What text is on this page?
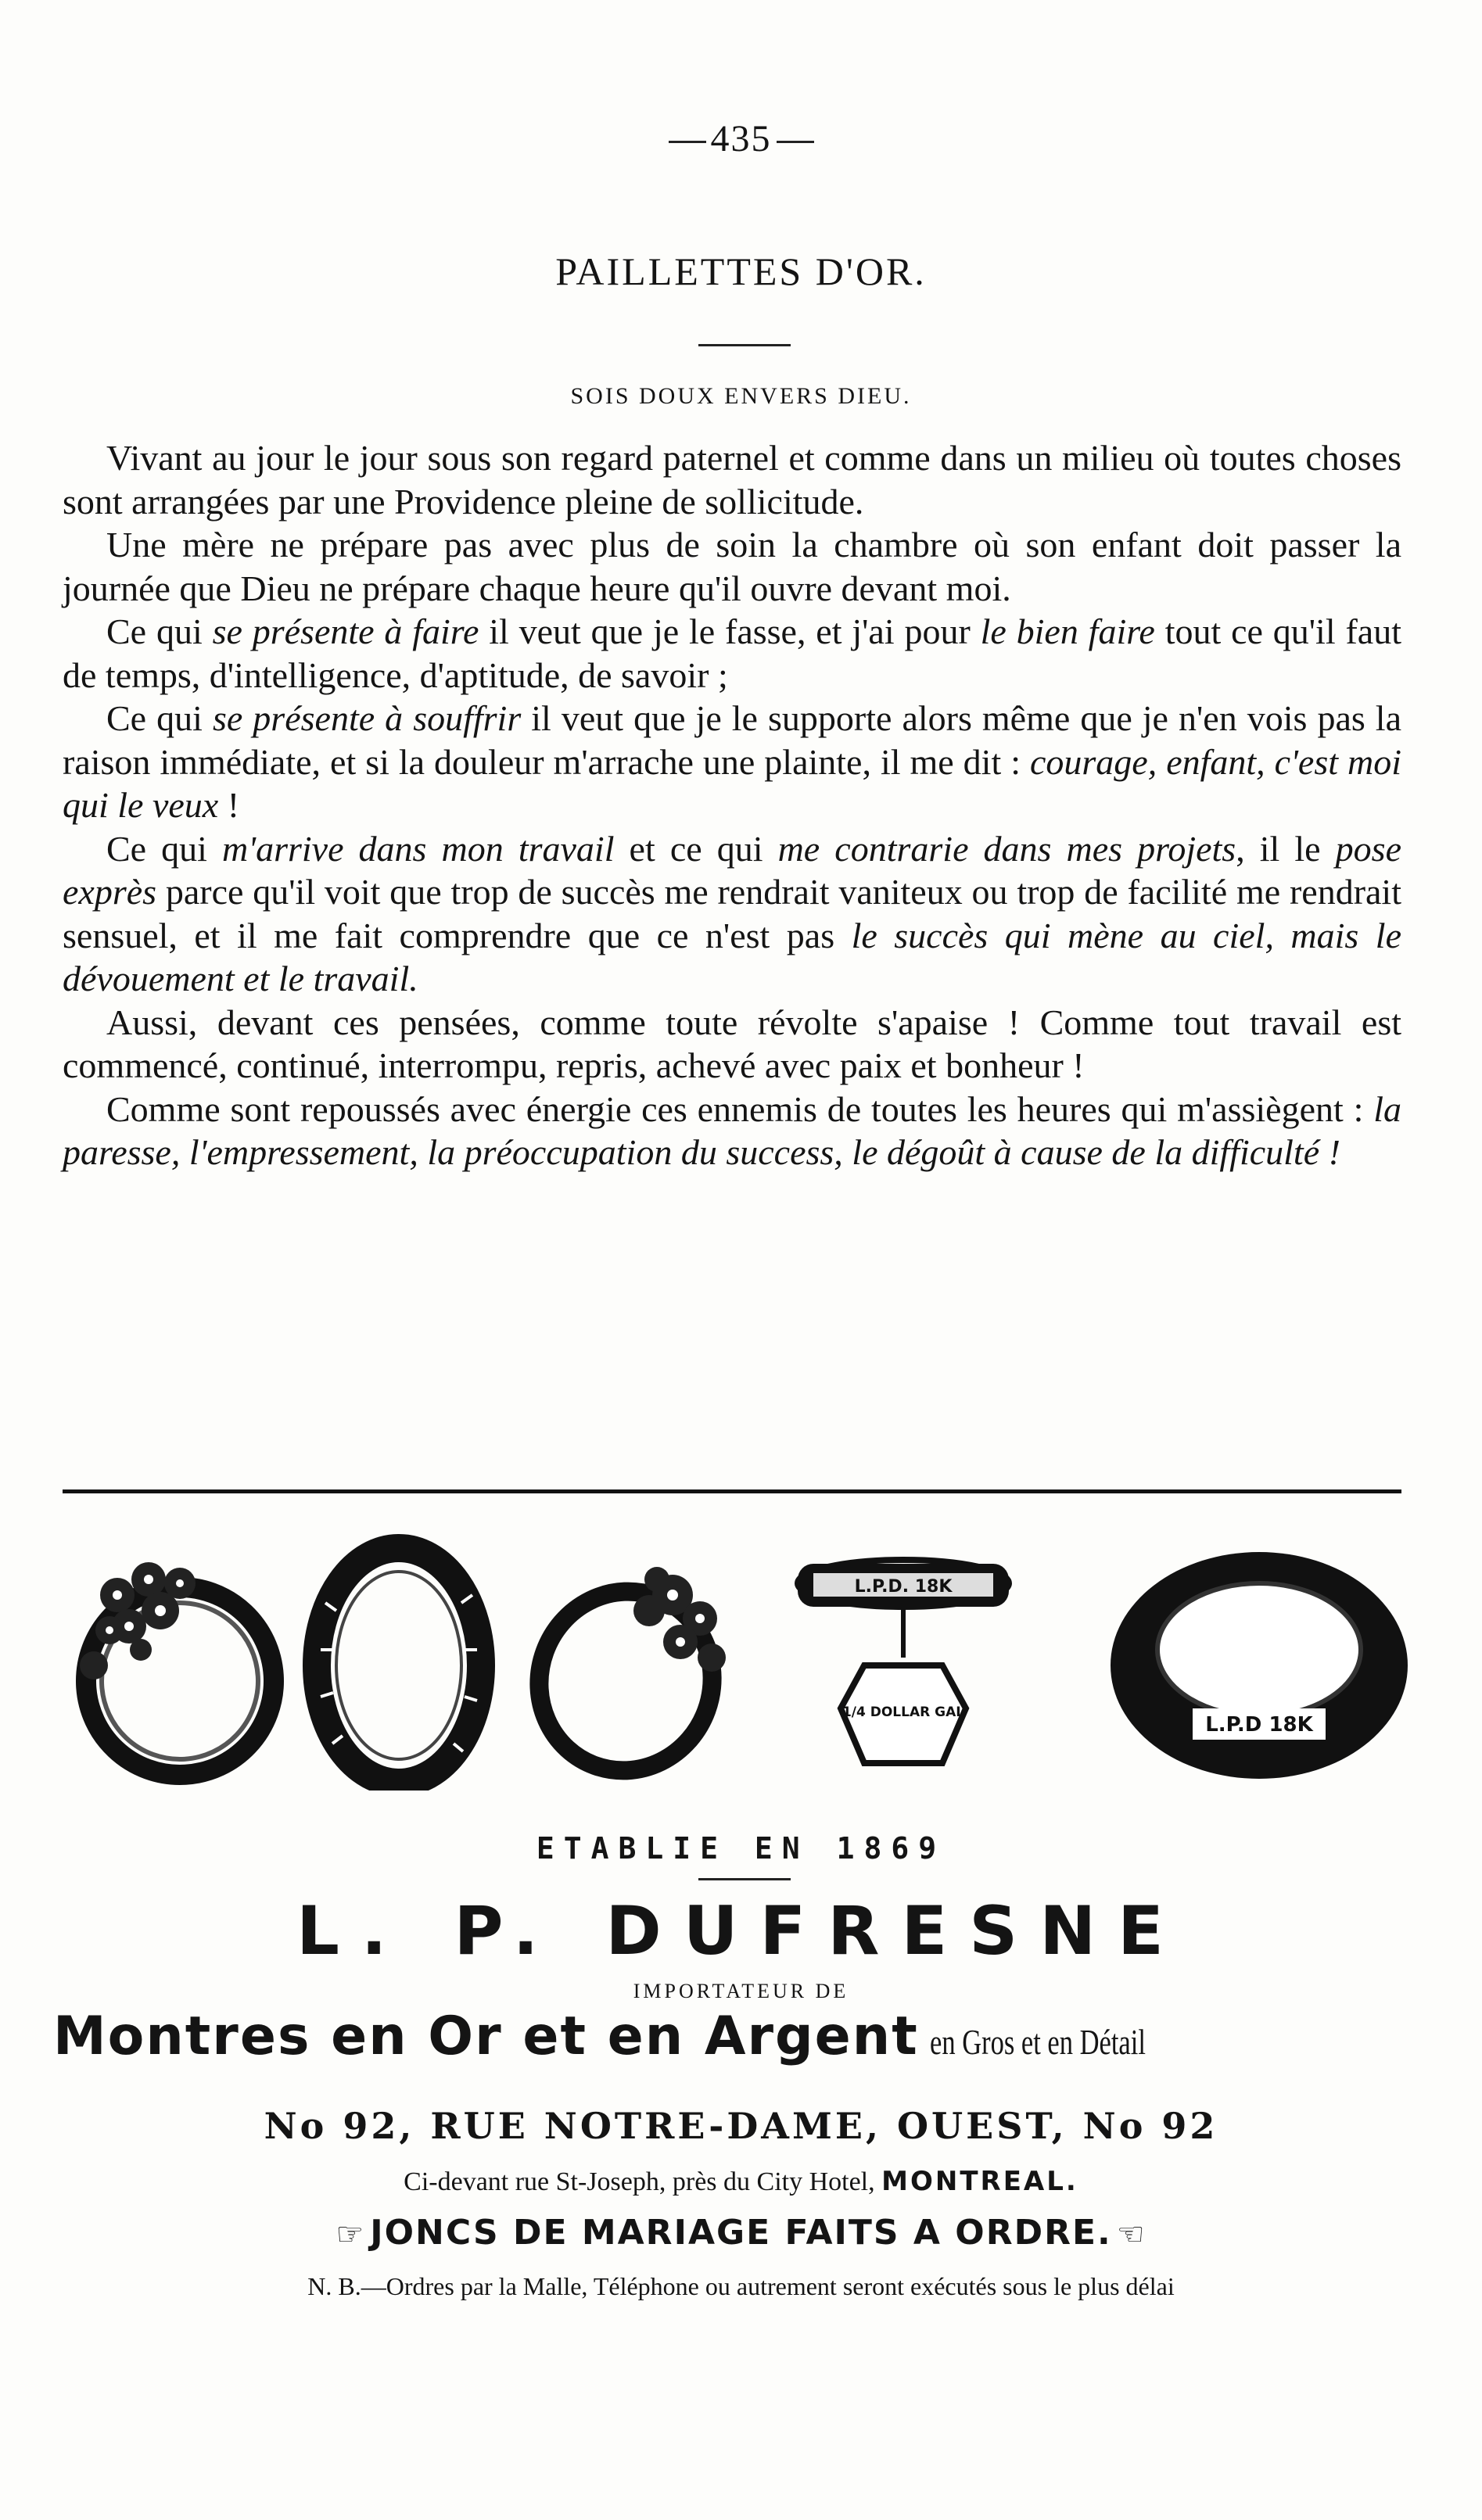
435
PAILLETTES D'OR.
SOIS DOUX ENVERS DIEU.

Vivant au jour le jour sous son regard paternel et comme dans un milieu où toutes choses sont arrangées par une Providence pleine de sollicitude.

Une mère ne prépare pas avec plus de soin la chambre où son enfant doit passer la journée que Dieu ne prépare chaque heure qu'il ouvre devant moi.

Ce qui se présente à faire il veut que je le fasse, et j'ai pour le bien faire tout ce qu'il faut de temps, d'intelligence, d'aptitude, de savoir ;

Ce qui se présente à souffrir il veut que je le supporte alors même que je n'en vois pas la raison immédiate, et si la douleur m'arrache une plainte, il me dit : courage, enfant, c'est moi qui le veux !

Ce qui m'arrive dans mon travail et ce qui me contrarie dans mes projets, il le pose exprès parce qu'il voit que trop de succès me rendrait vaniteux ou trop de facilité me rendrait sensuel, et il me fait comprendre que ce n'est pas le succès qui mène au ciel, mais le dévouement et le travail.

Aussi, devant ces pensées, comme toute révolte s'apaise ! Comme tout travail est commencé, continué, interrompu, repris, achevé avec paix et bonheur !

Comme sont repoussés avec énergie ces ennemis de toutes les heures qui m'assiègent : la paresse, l'empressement, la préoccupation du success, le dégoût à cause de la difficulté !

L.P.D. 18K
1/4 DOLLAR GAL
L.P.D 18K
ETABLIE EN 1869
L. P. DUFRESNE
IMPORTATEUR DE
Montres en Or et en Argent en Gros et en Détail
No 92, RUE NOTRE-DAME, OUEST, No 92
Ci-devant rue St-Joseph, près du City Hotel, MONTREAL.
☞ JONCS DE MARIAGE FAITS A ORDRE. ☜
N. B.—Ordres par la Malle, Téléphone ou autrement seront exécutés sous le plus délai
